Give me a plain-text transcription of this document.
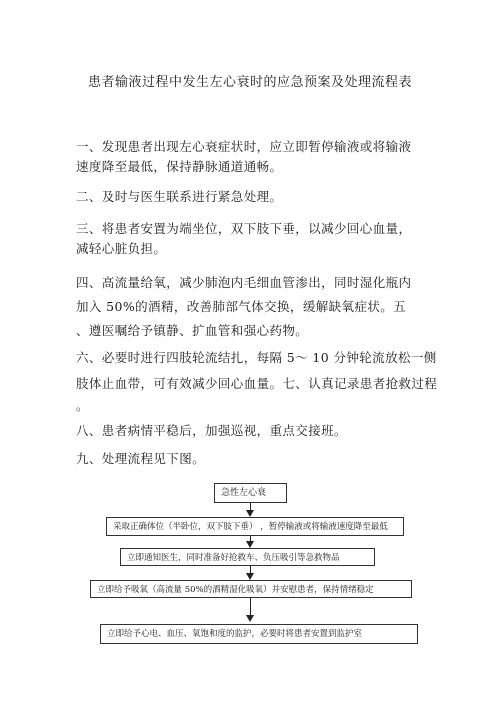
患者输液过程中发生左心衰时的应急预案及处理流程表
一、发现患者出现左心衰症状时，应立即暂停输液或将输液
速度降至最低，保持静脉通道通畅。
二、及时与医生联系进行紧急处理。
三、将患者安置为端坐位，双下肢下垂，以减少回心血量，
减轻心脏负担。
四、高流量给氧，减少肺泡内毛细血管渗出，同时湿化瓶内
加入 50%的酒精，改善肺部气体交换，缓解缺氧症状。五
、遵医嘱给予镇静、扩血管和强心药物。
六、必要时进行四肢轮流结扎，每隔 5～ 10 分钟轮流放松一侧
肢体止血带，可有效减少回心血量。七、认真记录患者抢救过程
。
八、患者病情平稳后，加强巡视，重点交接班。
九、处理流程见下图。
急性左心衰
采取正确体位（半卧位，双下肢下垂） ，暂停输液或将输液速度降至最低
立即通知医生，同时准备好抢救车、负压吸引等急救物品
立即给予吸氧（高流量 50%的酒精湿化吸氧）并安慰患者，保持情绪稳定
立即给予心电、血压、氧饱和度的监护，必要时将患者安置到监护室
